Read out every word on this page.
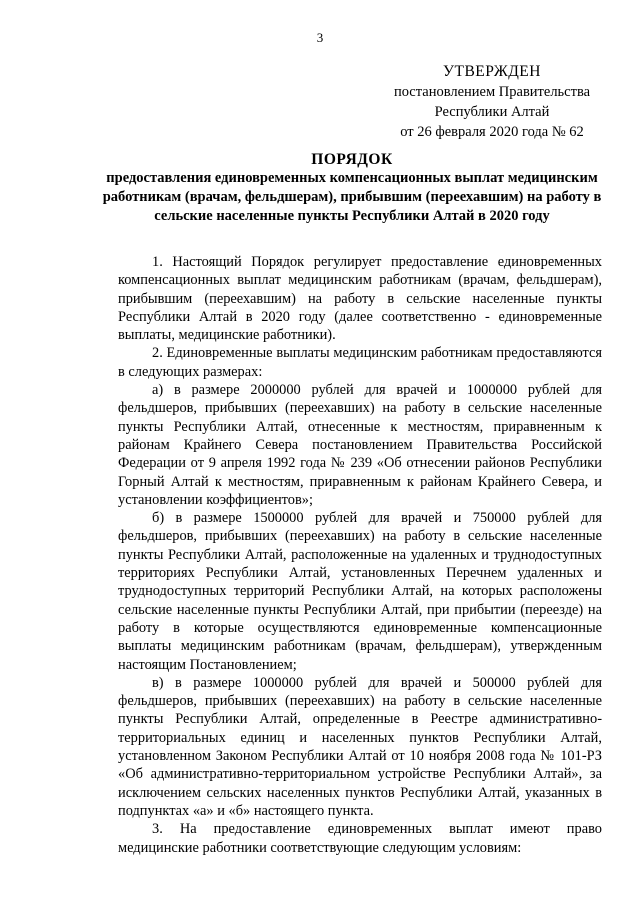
3
УТВЕРЖДЕН
постановлением Правительства
Республики Алтай
от 26 февраля 2020 года № 62
ПОРЯДОК
предоставления единовременных компенсационных выплат медицинским работникам (врачам, фельдшерам), прибывшим (переехавшим) на работу в сельские населенные пункты Республики Алтай в 2020 году

1. Настоящий Порядок регулирует предоставление единовременных компенсационных выплат медицинским работникам (врачам, фельдшерам), прибывшим (переехавшим) на работу в сельские населенные пункты Республики Алтай в 2020 году (далее соответственно - единовременные выплаты, медицинские работники).

2. Единовременные выплаты медицинским работникам предоставляются в следующих размерах:

а) в размере 2000000 рублей для врачей и 1000000 рублей для фельдшеров, прибывших (переехавших) на работу в сельские населенные пункты Республики Алтай, отнесенные к местностям, приравненным к районам Крайнего Севера постановлением Правительства Российской Федерации от 9 апреля 1992 года № 239 «Об отнесении районов Республики Горный Алтай к местностям, приравненным к районам Крайнего Севера, и установлении коэффициентов»;

б) в размере 1500000 рублей для врачей и 750000 рублей для фельдшеров, прибывших (переехавших) на работу в сельские населенные пункты Республики Алтай, расположенные на удаленных и труднодоступных территориях Республики Алтай, установленных Перечнем удаленных и труднодоступных территорий Республики Алтай, на которых расположены сельские населенные пункты Республики Алтай, при прибытии (переезде) на работу в которые осуществляются единовременные компенсационные выплаты медицинским работникам (врачам, фельдшерам), утвержденным настоящим Постановлением;

в) в размере 1000000 рублей для врачей и 500000 рублей для фельдшеров, прибывших (переехавших) на работу в сельские населенные пункты Республики Алтай, определенные в Реестре административно-территориальных единиц и населенных пунктов Республики Алтай, установленном Законом Республики Алтай от 10 ноября 2008 года № 101-РЗ «Об административно-территориальном устройстве Республики Алтай», за исключением сельских населенных пунктов Республики Алтай, указанных в подпунктах «а» и «б» настоящего пункта.

3. На предоставление единовременных выплат имеют право медицинские работники соответствующие следующим условиям:
